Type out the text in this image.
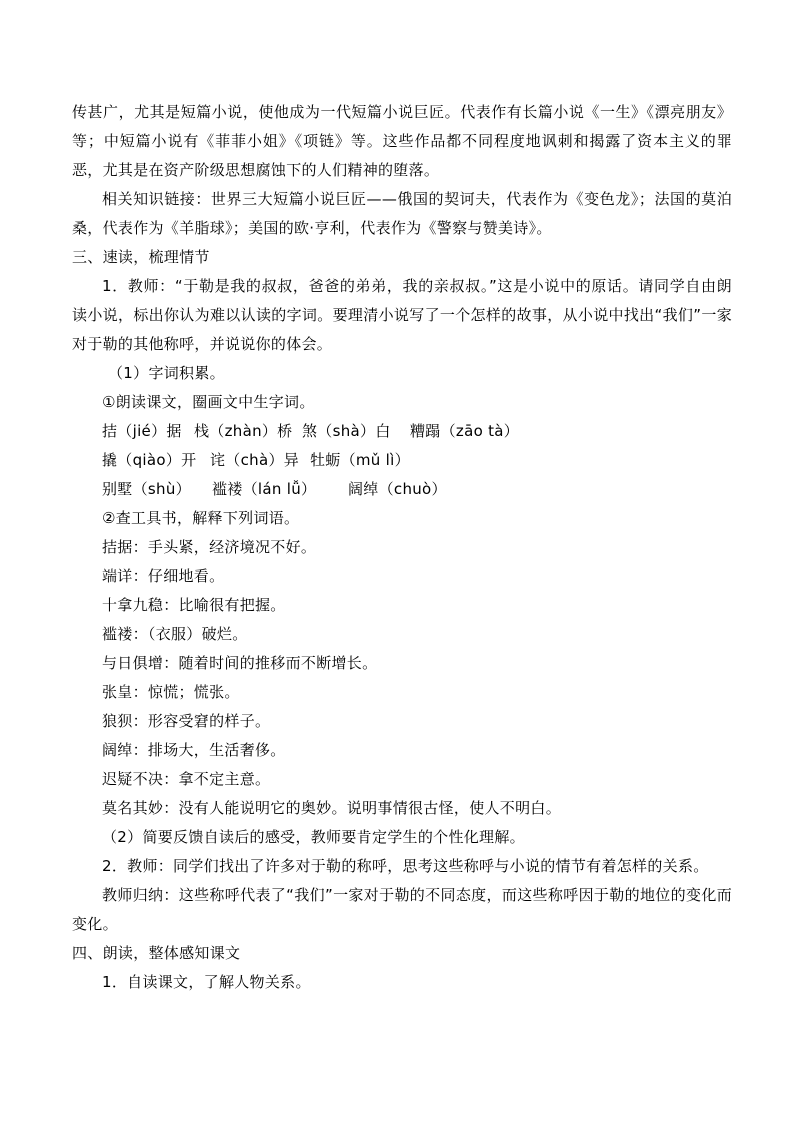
传甚广，尤其是短篇小说，使他成为一代短篇小说巨匠。代表作有长篇小说《一生》《漂亮朋友》等；中短篇小说有《菲菲小姐》《项链》等。这些作品都不同程度地讽刺和揭露了资本主义的罪恶，尤其是在资产阶级思想腐蚀下的人们精神的堕落。

相关知识链接：世界三大短篇小说巨匠——俄国的契诃夫，代表作为《变色龙》；法国的莫泊桑，代表作为《羊脂球》；美国的欧·亨利，代表作为《警察与赞美诗》。

三、速读，梳理情节

1．教师：“于勒是我的叔叔，爸爸的弟弟，我的亲叔叔。”这是小说中的原话。请同学自由朗读小说，标出你认为难以认读的字词。要理清小说写了一个怎样的故事，从小说中找出“我们”一家对于勒的其他称呼，并说说你的体会。

（1）字词积累。

①朗读课文，圈画文中生字词。

拮（jié）据 栈（zhàn）桥 煞（shà）白	糟蹋（zāo tà）
撬（qiào）开 诧（chà）异 牡蛎（mǔ lì）
别墅（shù）	褴褛（lán lǚ）	阔绰（chuò）

②查工具书，解释下列词语。

拮据：手头紧，经济境况不好。

端详：仔细地看。

十拿九稳：比喻很有把握。

褴褛：（衣服）破烂。

与日俱增：随着时间的推移而不断增长。

张皇：惊慌；慌张。

狼狈：形容受窘的样子。

阔绰：排场大，生活奢侈。

迟疑不决：拿不定主意。

莫名其妙：没有人能说明它的奥妙。说明事情很古怪，使人不明白。

（2）简要反馈自读后的感受，教师要肯定学生的个性化理解。

2．教师：同学们找出了许多对于勒的称呼，思考这些称呼与小说的情节有着怎样的关系。

教师归纳：这些称呼代表了“我们”一家对于勒的不同态度，而这些称呼因于勒的地位的变化而变化。

四、朗读，整体感知课文

1．自读课文，了解人物关系。
